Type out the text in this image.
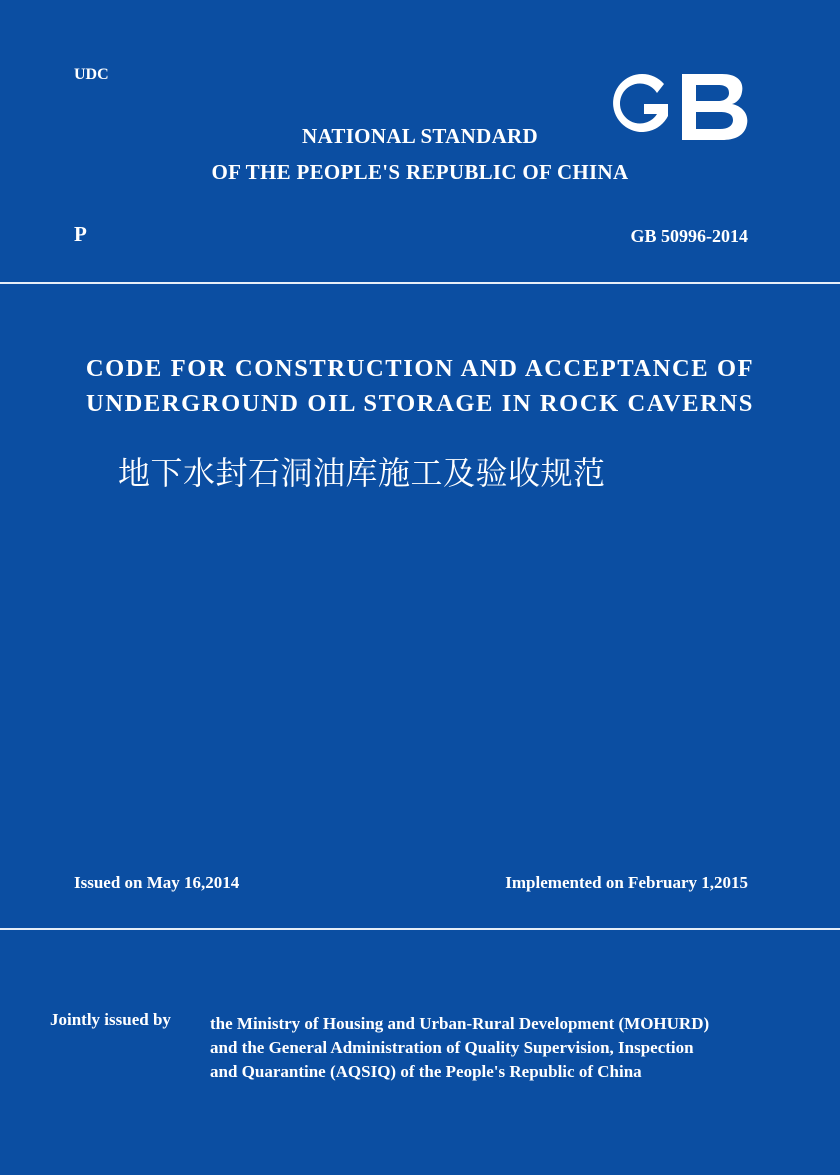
UDC
NATIONAL STANDARD
OF THE PEOPLE'S REPUBLIC OF CHINA
P	GB 50996-2014
CODE FOR CONSTRUCTION AND ACCEPTANCE OF
UNDERGROUND OIL STORAGE IN ROCK CAVERNS
地下水封石洞油库施工及验收规范
Issued on May 16,2014	Implemented on February 1,2015
Jointly issued by the Ministry of Housing and Urban-Rural Development (MOHURD)
and the General Administration of Quality Supervision, Inspection
and Quarantine (AQSIQ) of the People's Republic of China
